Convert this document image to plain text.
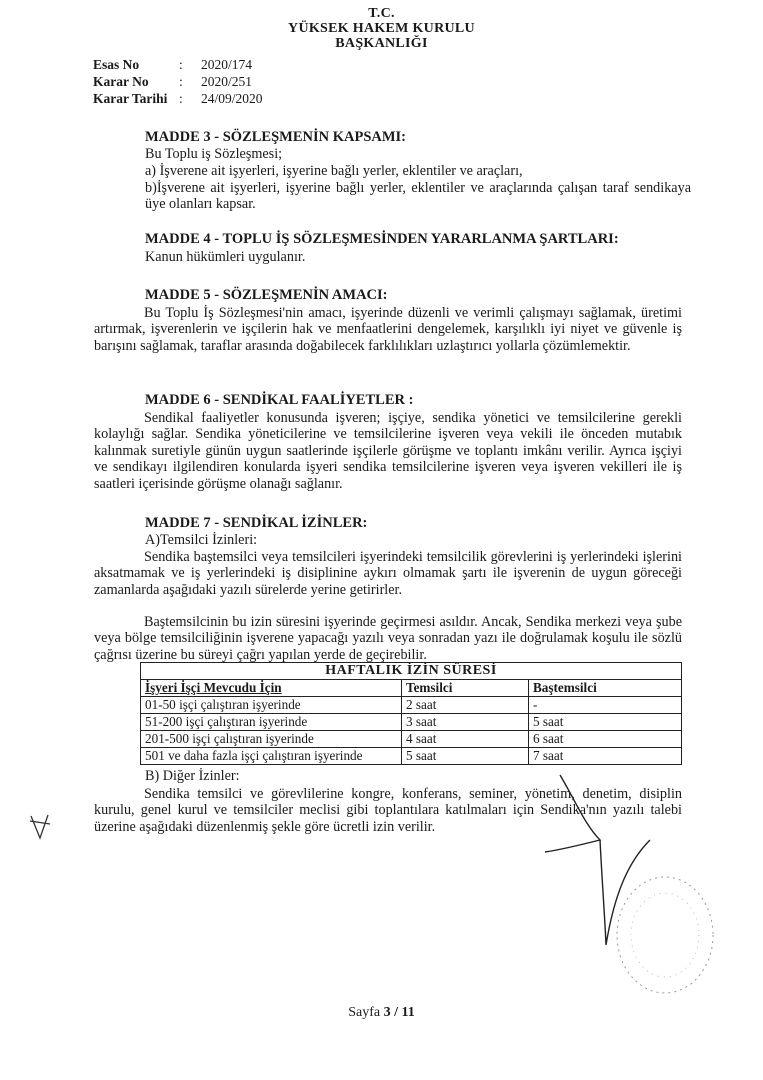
T.C.
YÜKSEK HAKEM KURULU
BAŞKANLIĞI
Esas No	: 2020/174
Karar No : 2020/251
Karar Tarihi : 24/09/2020
MADDE 3 - SÖZLEŞMENİN KAPSAMI:
Bu Toplu iş Sözleşmesi;
a) İşverene ait işyerleri, işyerine bağlı yerler, eklentiler ve araçları,

b)İşverene ait işyerleri, işyerine bağlı yerler, eklentiler ve araçlarında çalışan taraf sendikaya üye olanları kapsar.

MADDE 4 - TOPLU İŞ SÖZLEŞMESİNDEN YARARLANMA ŞARTLARI:
Kanun hükümleri uygulanır.
MADDE 5 - SÖZLEŞMENİN AMACI:

Bu Toplu İş Sözleşmesi'nin amacı, işyerinde düzenli ve verimli çalışmayı sağlamak, üretimi artırmak, işverenlerin ve işçilerin hak ve menfaatlerini dengelemek, karşılıklı iyi niyet ve güvenle iş barışını sağlamak, taraflar arasında doğabilecek farklılıkları uzlaştırıcı yollarla çözümlemektir.

MADDE 6 - SENDİKAL FAALİYETLER :

Sendikal faaliyetler konusunda işveren; işçiye, sendika yönetici ve temsilcilerine gerekli kolaylığı sağlar. Sendika yöneticilerine ve temsilcilerine işveren veya vekili ile önceden mutabık kalınmak suretiyle günün uygun saatlerinde işçilerle görüşme ve toplantı imkânı verilir. Ayrıca işçiyi ve sendikayı ilgilendiren konularda işyeri sendika temsilcilerine işveren veya işveren vekilleri ile iş saatleri içerisinde görüşme olanağı sağlanır.

MADDE 7 - SENDİKAL İZİNLER:
A)Temsilci İzinleri:

Sendika baştemsilci veya temsilcileri işyerindeki temsilcilik görevlerini iş yerlerindeki işlerini aksatmamak ve iş yerlerindeki iş disiplinine aykırı olmamak şartı ile işverenin de uygun göreceği zamanlarda aşağıdaki yazılı sürelerde yerine getirirler.

Baştemsilcinin bu izin süresini işyerinde geçirmesi asıldır. Ancak, Sendika merkezi veya şube veya bölge temsilciliğinin işverene yapacağı yazılı veya sonradan yazı ile doğrulamak koşulu ile sözlü çağrısı üzerine bu süreyi çağrı yapılan yerde de geçirebilir.

HAFTALIK İZİN SÜRESİ		
İşyeri İşçi Mevcudu İçin	Temsilci	Baştemsilci
01-50 işçi çalıştıran işyerinde	2 saat	-
51-200 işçi çalıştıran işyerinde	3 saat	5 saat
201-500 işçi çalıştıran işyerinde	4 saat	6 saat
501 ve daha fazla işçi çalıştıran işyerinde	5 saat	7 saat
B) Diğer İzinler:

Sendika temsilci ve görevlilerine kongre, konferans, seminer, yönetim, denetim, disiplin kurulu, genel kurul ve temsilciler meclisi gibi toplantılara katılmaları için Sendika'nın yazılı talebi üzerine aşağıdaki düzenlenmiş şekle göre ücretli izin verilir.

Sayfa 3 / 11
